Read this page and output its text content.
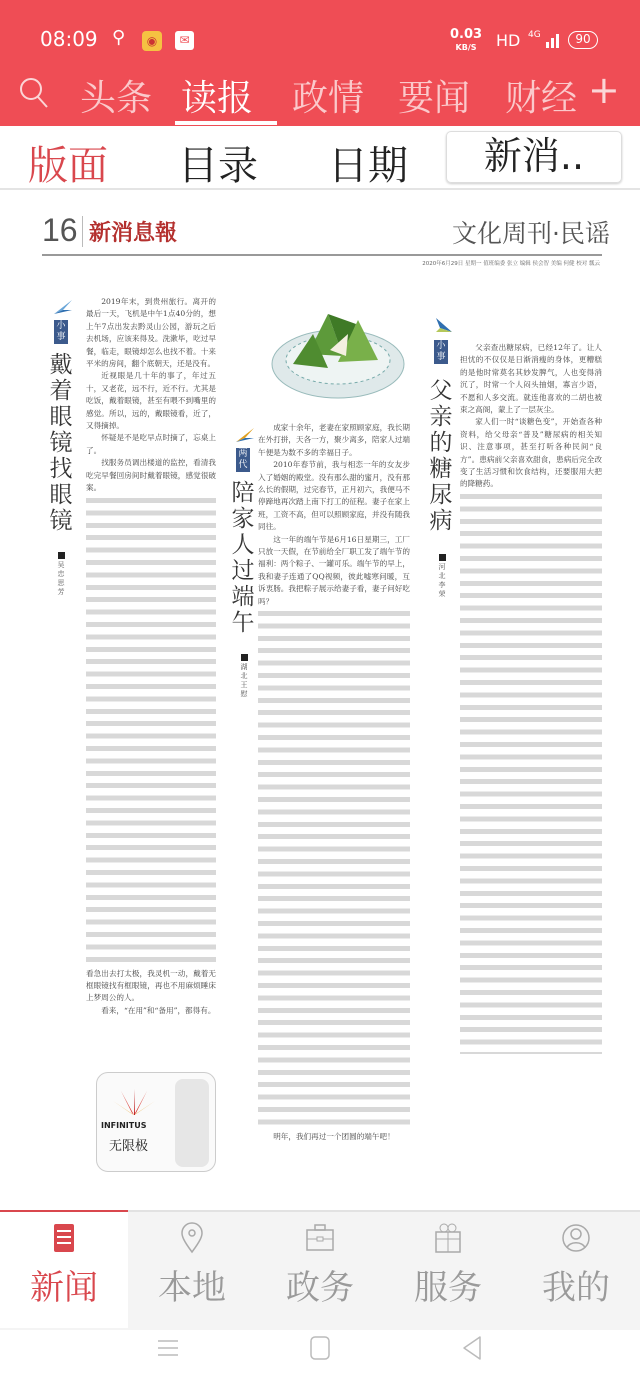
08:09 ⚲	◉	✉	0.03
KB/S	HD 4G	90
头条 读报 政情 要闻 财经 +
版面 目录 日期	新消..
16 新消息報	文化周刊·民谣
2020年6月29日 星期一 值班编委 张立 编辑 侯会智 美编 何健 校对 瓢云
小事
戴着眼镜找眼镜
吴忠 思芳

2019年末，到贵州旅行。离开的最后一天，飞机是中午1点40分的，想上午7点出发去黔灵山公园，游玩之后去机场，应该来得及。洗漱毕，吃过早餐，临走，眼镜却怎么也找不着。十来平米的房间，翻个底朝天，还是没有。

近视眼是几十年的事了，年过五十，又老花，远不行，近不行。尤其是吃饭，戴着眼镜，甚至有喂不到嘴里的感觉。所以，远的，戴眼镜看，近了，又得摘掉。

怀疑是不是吃早点时摘了，忘桌上了。

找服务员调出楼道的监控，看清我吃完早餐回房间时戴着眼镜，感觉很破案。

看急出去打太极，我灵机一动，戴着无框眼镜找有框眼镜，再也不用麻烦睡床上梦周公的人。

看来，“在用”和“备用”，都得有。

INFINITUS
无限极
两代
陪家人过端午
湖北 王慰

成家十余年，老妻在家照顾家庭，我长期在外打拼，天各一方，聚少离多，陪家人过端午便是为数不多的幸福日子。

2010年春节前，我与相恋一年的女友步入了婚姻的殿堂。没有那么甜的蜜月，没有那么长的假期，过完春节，正月初六，我便马不停蹄地再次踏上南下打工的征程。妻子在家上班，工资不高，但可以照顾家庭，并没有随我同往。

这一年的端午节是6月16日星期三，工厂只放一天假，在节前给全厂职工发了端午节的福利：两个粽子、一罐可乐。端午节的早上，我和妻子连通了QQ视频，彼此嘘寒问暖，互诉衷肠。我把粽子展示给妻子看，妻子问好吃吗？

明年，我们再过一个团圆的端午吧！

小事
父亲的糖尿病
河北 李荣

父亲查出糖尿病，已经12年了。让人担忧的不仅仅是日渐消瘦的身体，更糟糕的是他时常莫名其妙发脾气，人也变得消沉了，时常一个人闷头抽烟，寡言少语，不愿和人多交流。就连他喜欢的二胡也被束之高阁，蒙上了一层灰尘。

家人们一时“谈糖色变”，开始查各种资料，给父母亲“普及”糖尿病的相关知识、注意事项，甚至打听各种民间“良方”。患病前父亲喜欢甜食，患病后完全改变了生活习惯和饮食结构，还要服用大把的降糖药。

新闻	本地	政务	服务	我的
